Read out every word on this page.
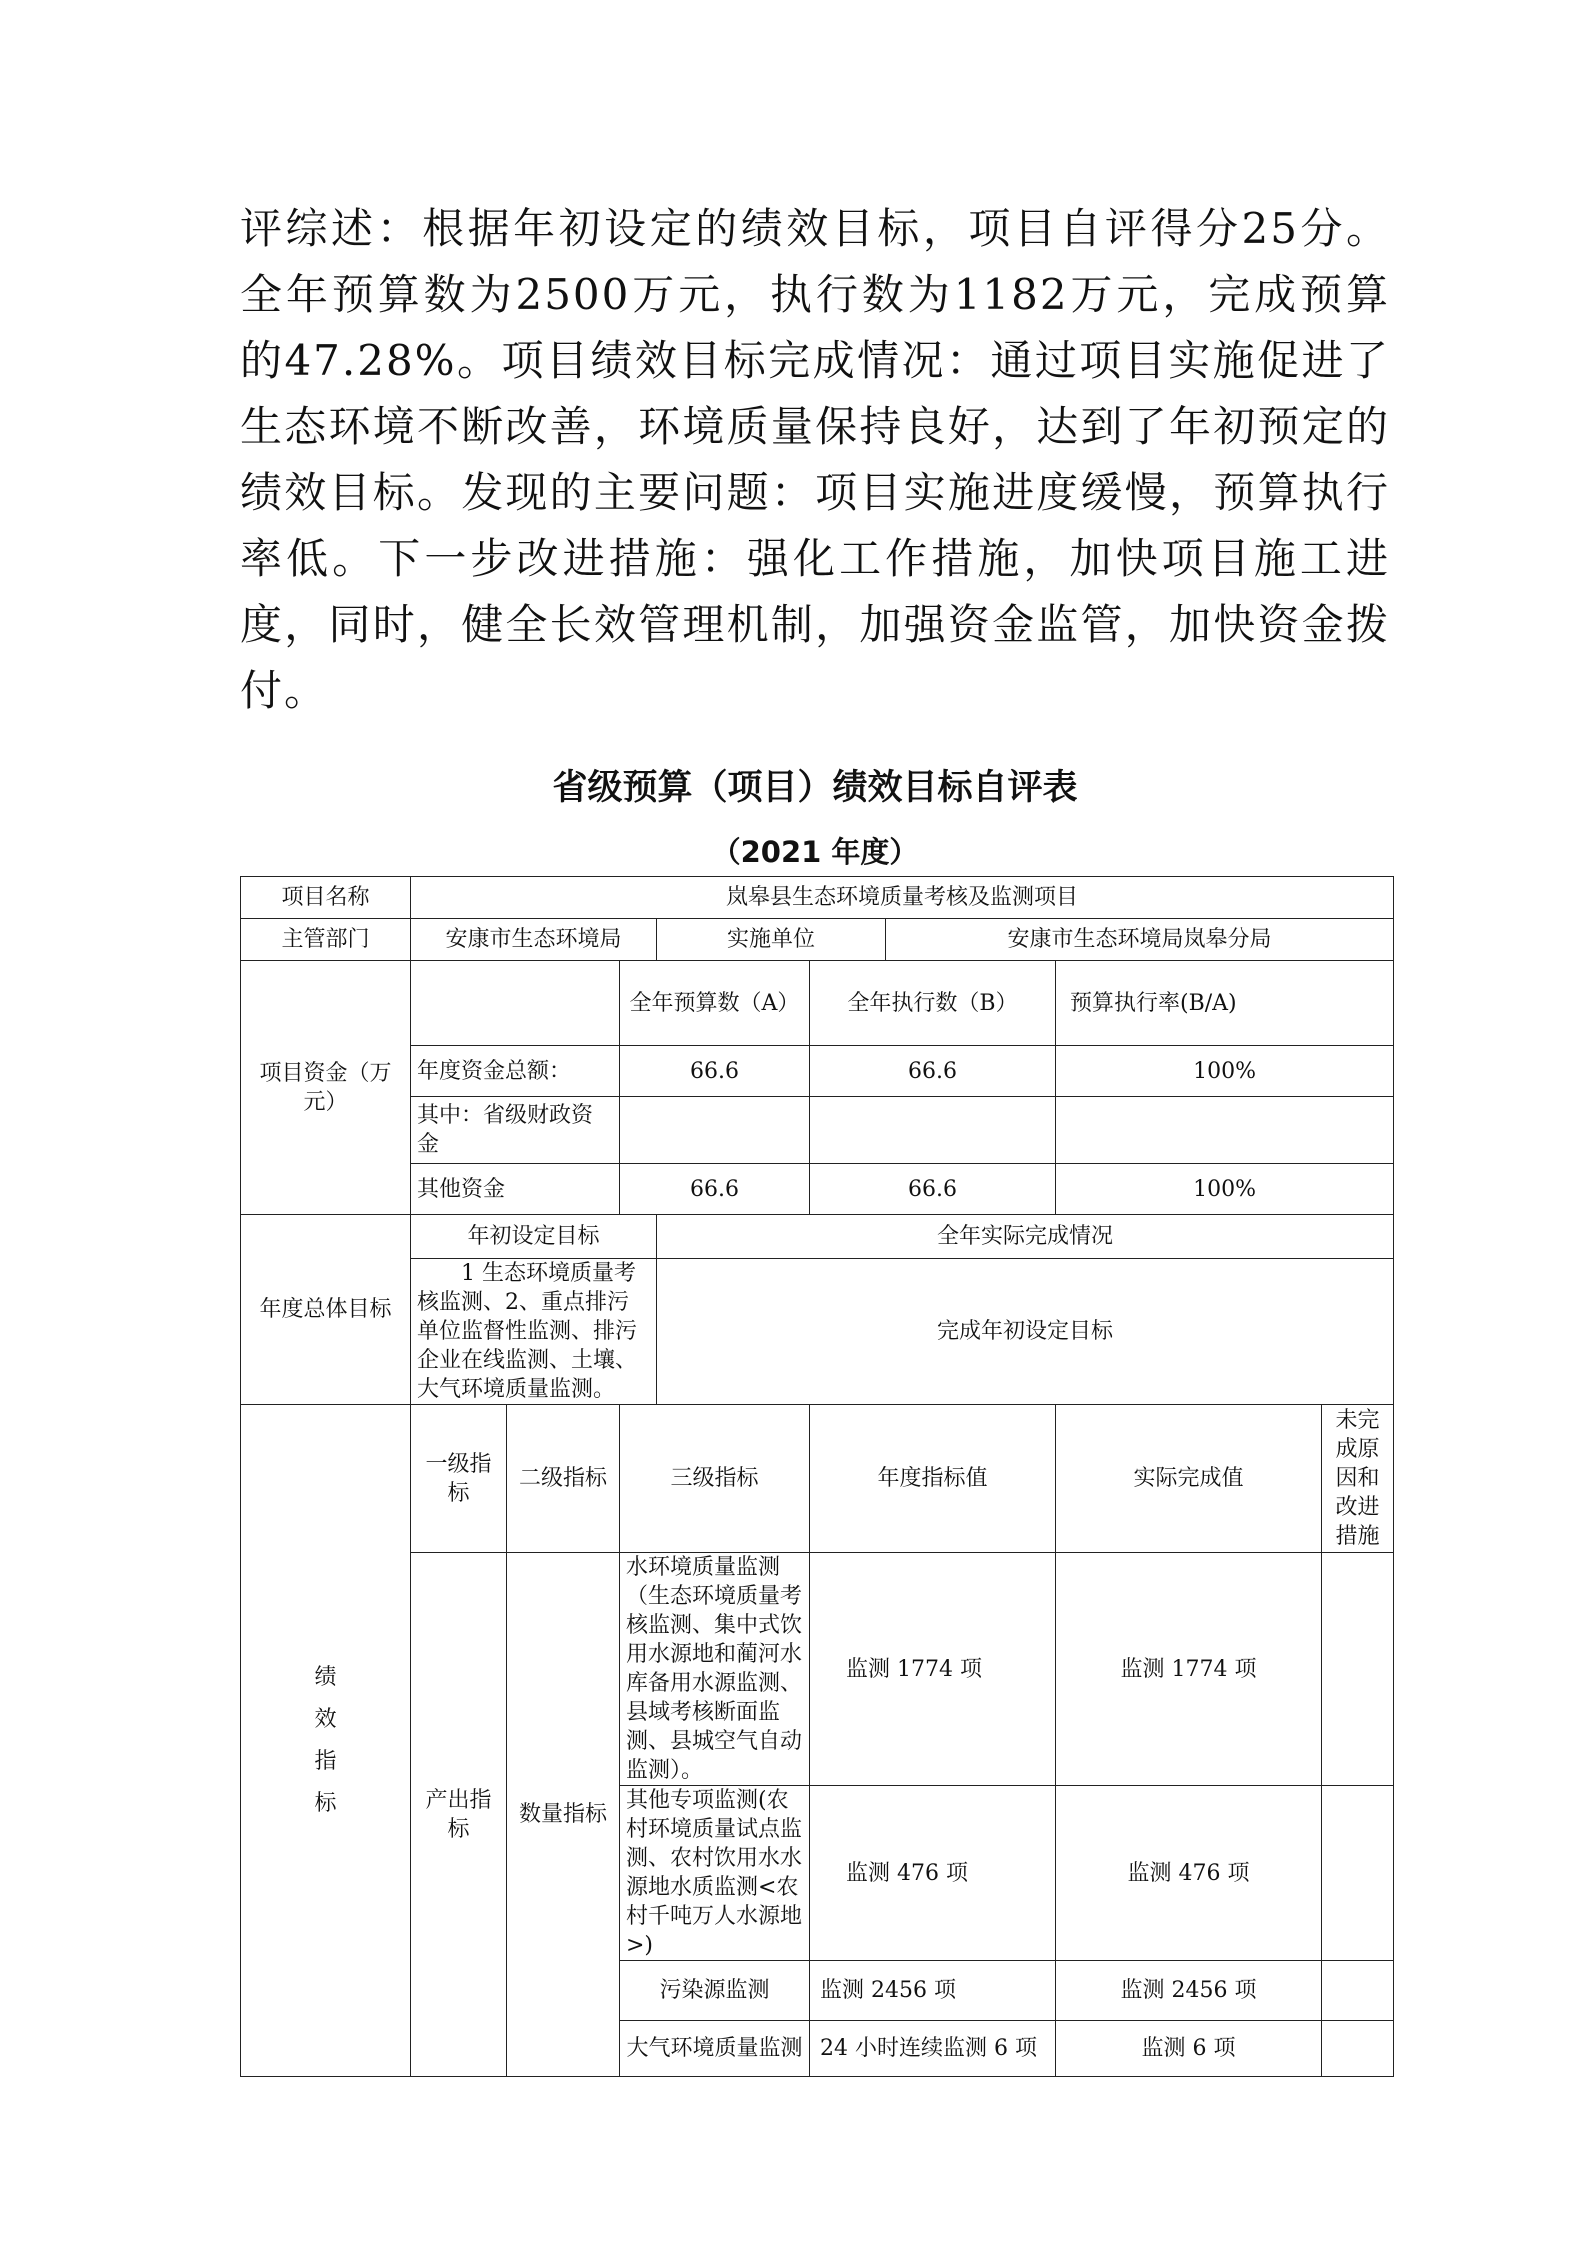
评综述：根据年初设定的绩效目标，项目自评得分25分。全年预算数为2500万元，执行数为1182万元，完成预算的47.28%。项目绩效目标完成情况：通过项目实施促进了生态环境不断改善，环境质量保持良好，达到了年初预定的绩效目标。发现的主要问题：项目实施进度缓慢，预算执行率低。下一步改进措施：强化工作措施，加快项目施工进度，同时，健全长效管理机制，加强资金监管，加快资金拨付。

省级预算（项目）绩效目标自评表
（2021 年度）
项目名称	岚皋县生态环境质量考核及监测项目							
主管部门	安康市生态环境局			实施单位		安康市生态环境局岚皋分局		
项目资金（万元）			全年预算数（A）		全年执行数（B）		预算执行率(B/A)	
	年度资金总额：		66.6		66.6		100%	
	其中：省级财政资金							
	其他资金		66.6		66.6		100%	
年度总体目标	年初设定目标			全年实际完成情况				
	1 生态环境质量考核监测、2、重点排污单位监督性监测、排污企业在线监测、土壤、大气环境质量监测。			完成年初设定目标				
绩
效
指
标	一级指标	二级指标	三级指标		年度指标值		实际完成值	未完成原因和改进措施
	产出指标	数量指标	水环境质量监测（生态环境质量考核监测、集中式饮用水源地和蔺河水库备用水源监测、县域考核断面监测、县城空气自动监测）。		监测 1774 项		监测 1774 项	
			其他专项监测(农村环境质量试点监测、农村饮用水水源地水质监测<农村千吨万人水源地>)		监测 476 项		监测 476 项	
			污染源监测		监测 2456 项		监测 2456 项	
			大气环境质量监测		24 小时连续监测 6 项		监测 6 项	
